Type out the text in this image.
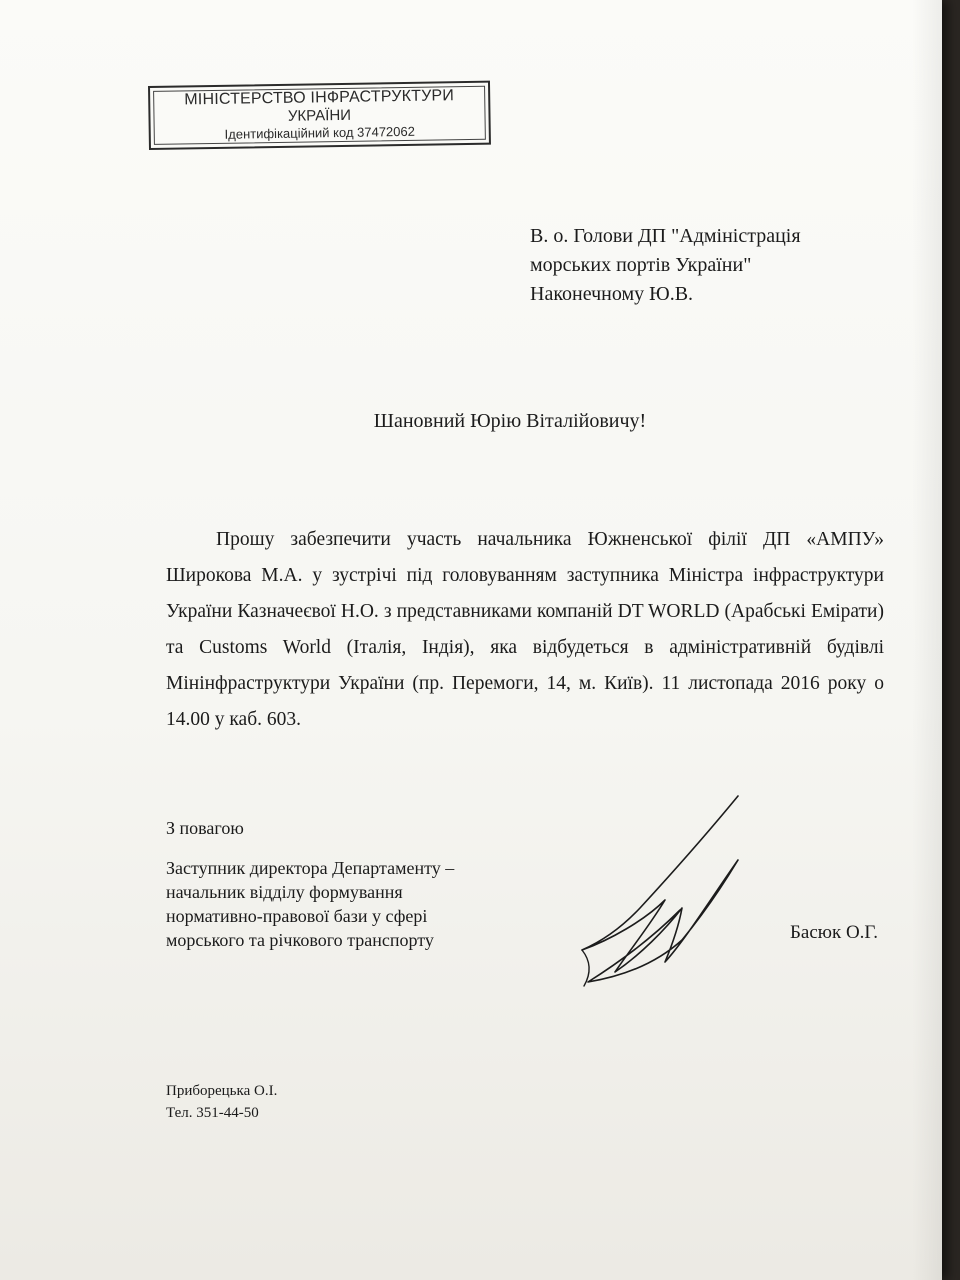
МІНІСТЕРСТВО ІНФРАСТРУКТУРИ
УКРАЇНИ
Ідентифікаційний код 37472062
В. о. Голови ДП "Адміністрація
морських портів України"
Наконечному Ю.В.
Шановний Юрію Віталійовичу!
Прошу забезпечити участь начальника Южненської філії ДП «АМПУ» Широкова М.А. у зустрічі під головуванням заступника Міністра інфраструктури України Казначеєвої Н.О. з представниками компаній DT WORLD (Арабські Емірати) та Customs World (Італія, Індія), яка відбудеться в адміністративній будівлі Мінінфраструктури України (пр. Перемоги, 14, м. Київ). 11 листопада 2016 року о 14.00 у каб. 603.
З повагою
Заступник директора Департаменту –
начальник відділу формування
нормативно-правової бази у сфері
морського та річкового транспорту	Басюк О.Г.
Приборецька О.І.
Тел. 351-44-50
